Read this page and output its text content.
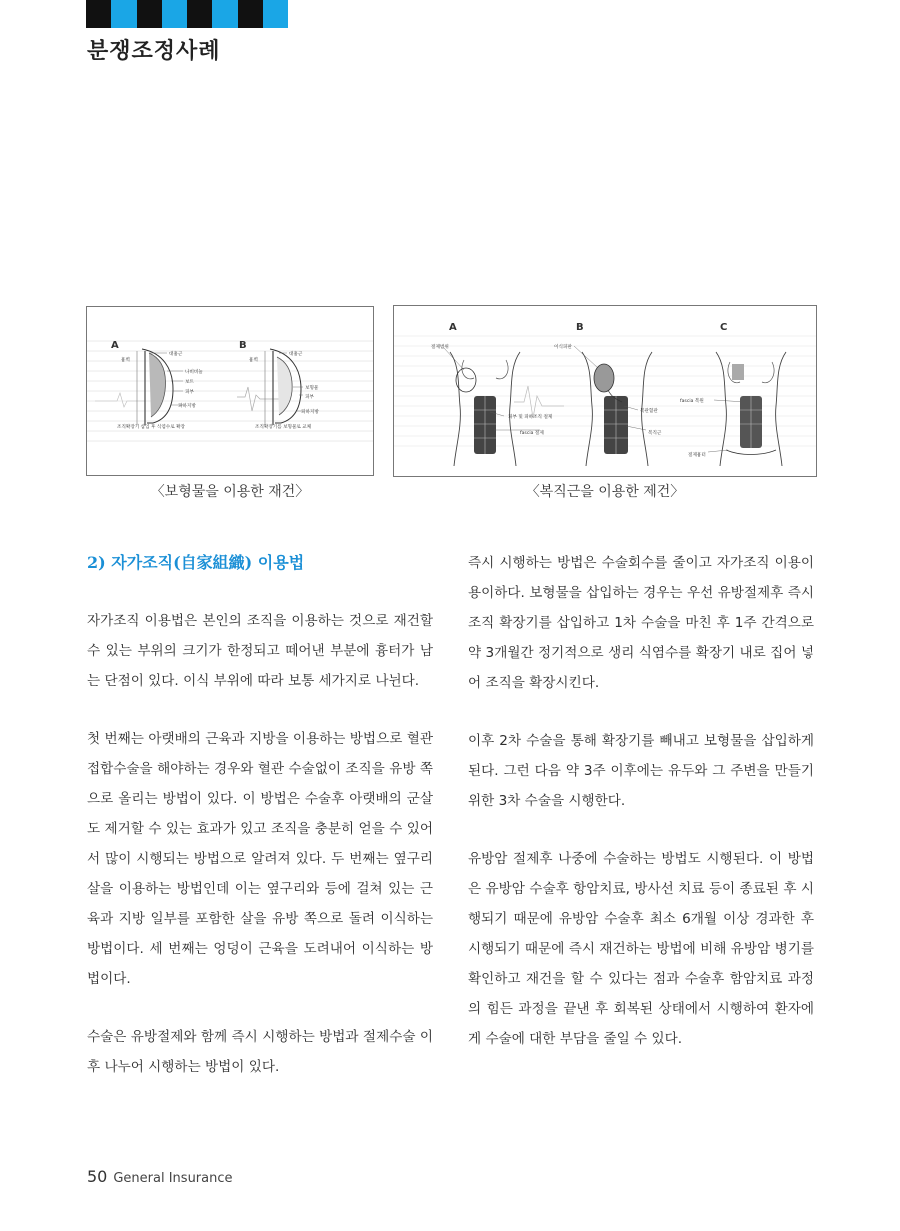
분쟁조정사례
A	B
대흉근
흉벽
나비비늘
보트
피부
피하지방
조직확장기 삽입 후 식염수로 확장
대흉근
흉벽
보형물
피부
피하지방
조직확장기를 보형물로 교체
A	B	C
절제범위
피부 및 피하조직 절제
fascia 절제
이식피판
복관혈관
복직근
fascia 복원
절제흉터
〈보형물을 이용한 재건〉	〈복직근을 이용한 제건〉

2) 자가조직(自家組織) 이용법

자가조직 이용법은 본인의 조직을 이용하는 것으로 재건할 수 있는 부위의 크기가 한정되고 떼어낸 부분에 흉터가 남는 단점이 있다. 이식 부위에 따라 보통 세가지로 나뉜다.

첫 번째는 아랫배의 근육과 지방을 이용하는 방법으로 혈관 접합수술을 해야하는 경우와 혈관 수술없이 조직을 유방 쪽으로 올리는 방법이 있다. 이 방법은 수술후 아랫배의 군살도 제거할 수 있는 효과가 있고 조직을 충분히 얻을 수 있어서 많이 시행되는 방법으로 알려져 있다. 두 번째는 옆구리살을 이용하는 방법인데 이는 옆구리와 등에 걸쳐 있는 근육과 지방 일부를 포함한 살을 유방 쪽으로 돌려 이식하는 방법이다. 세 번째는 엉덩이 근육을 도려내어 이식하는 방법이다.

수술은 유방절제와 함께 즉시 시행하는 방법과 절제수술 이후 나누어 시행하는 방법이 있다.

즉시 시행하는 방법은 수술회수를 줄이고 자가조직 이용이 용이하다. 보형물을 삽입하는 경우는 우선 유방절제후 즉시 조직 확장기를 삽입하고 1차 수술을 마친 후 1주 간격으로 약 3개월간 정기적으로 생리 식염수를 확장기 내로 집어 넣어 조직을 확장시킨다.

이후 2차 수술을 통해 확장기를 빼내고 보형물을 삽입하게 된다. 그런 다음 약 3주 이후에는 유두와 그 주변을 만들기 위한 3차 수술을 시행한다.

유방암 절제후 나중에 수술하는 방법도 시행된다. 이 방법은 유방암 수술후 항암치료, 방사선 치료 등이 종료된 후 시행되기 때문에 유방암 수술후 최소 6개월 이상 경과한 후 시행되기 때문에 즉시 재건하는 방법에 비해 유방암 병기를 확인하고 재건을 할 수 있다는 점과 수술후 함암치료 과정의 힘든 과정을 끝낸 후 회복된 상태에서 시행하여 환자에게 수술에 대한 부담을 줄일 수 있다.

50 General Insurance
